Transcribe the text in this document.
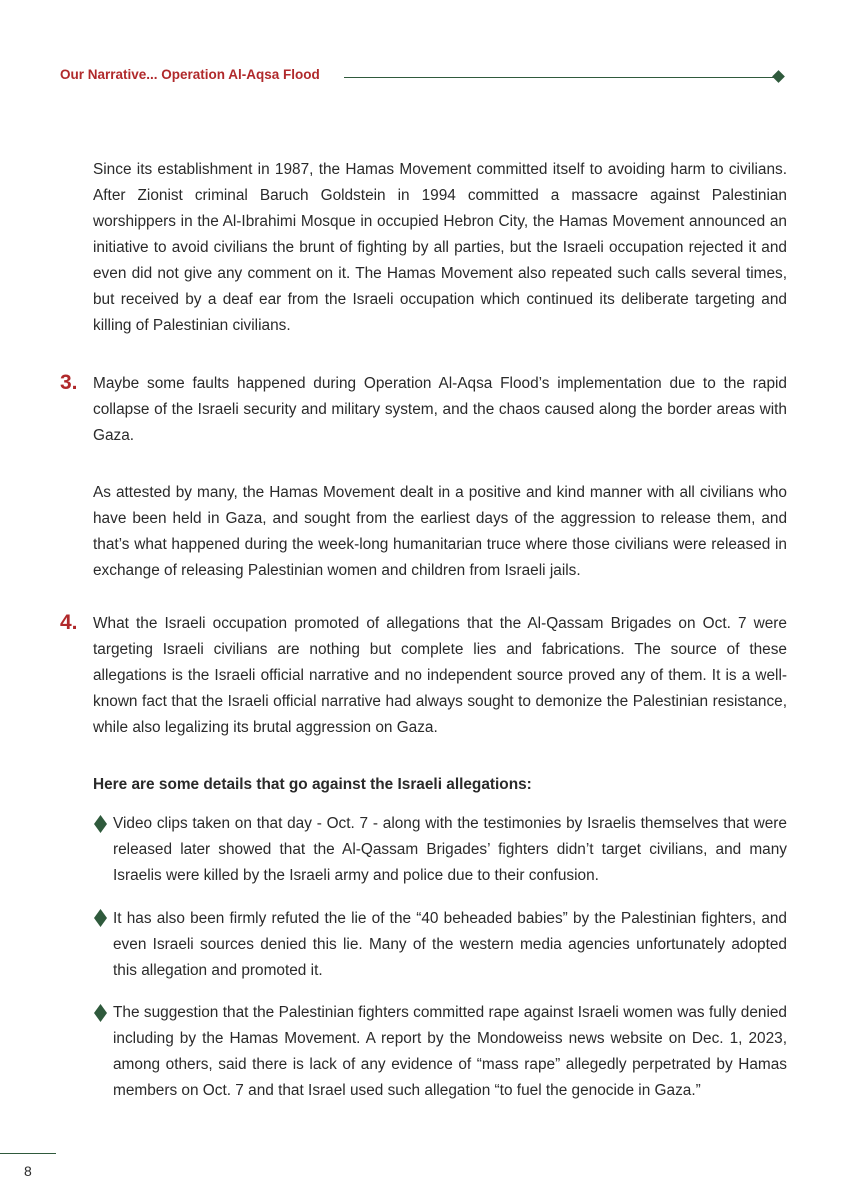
Our Narrative... Operation Al-Aqsa Flood

Since its establishment in 1987, the Hamas Movement committed itself to avoiding harm to civilians. After Zionist criminal Baruch Goldstein in 1994 committed a massacre against Palestinian worshippers in the Al-Ibrahimi Mosque in occupied Hebron City, the Hamas Movement announced an initiative to avoid civilians the brunt of fighting by all parties, but the Israeli occupation rejected it and even did not give any comment on it. The Hamas Movement also repeated such calls several times, but received by a deaf ear from the Israeli occupation which continued its deliberate targeting and killing of Palestinian civilians.

3. Maybe some faults happened during Operation Al-Aqsa Flood’s implementation due to the rapid collapse of the Israeli security and military system, and the chaos caused along the border areas with Gaza.

As attested by many, the Hamas Movement dealt in a positive and kind manner with all civilians who have been held in Gaza, and sought from the earliest days of the aggression to release them, and that’s what happened during the week-long humanitarian truce where those civilians were released in exchange of releasing Palestinian women and children from Israeli jails.

4. What the Israeli occupation promoted of allegations that the Al-Qassam Brigades on Oct. 7 were targeting Israeli civilians are nothing but complete lies and fabrications. The source of these allegations is the Israeli official narrative and no independent source proved any of them. It is a well-known fact that the Israeli official narrative had always sought to demonize the Palestinian resistance, while also legalizing its brutal aggression on Gaza.

Here are some details that go against the Israeli allegations:

Video clips taken on that day - Oct. 7 - along with the testimonies by Israelis themselves that were released later showed that the Al-Qassam Brigades’ fighters didn’t target civilians, and many Israelis were killed by the Israeli army and police due to their confusion.

It has also been firmly refuted the lie of the “40 beheaded babies” by the Palestinian fighters, and even Israeli sources denied this lie. Many of the western media agencies unfortunately adopted this allegation and promoted it.

The suggestion that the Palestinian fighters committed rape against Israeli women was fully denied including by the Hamas Movement. A report by the Mondoweiss news website on Dec. 1, 2023, among others, said there is lack of any evidence of “mass rape” allegedly perpetrated by Hamas members on Oct. 7 and that Israel used such allegation “to fuel the genocide in Gaza.”

8
